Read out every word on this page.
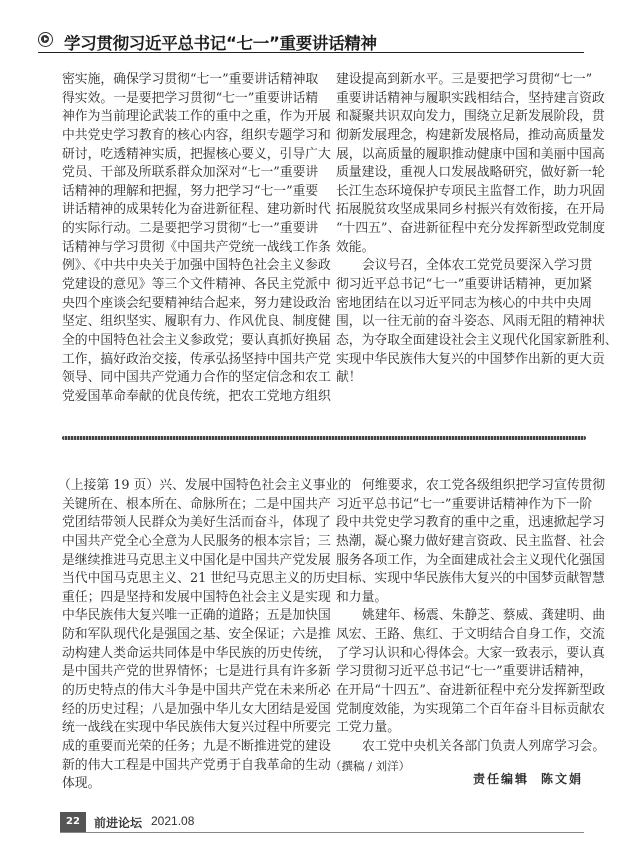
学习贯彻习近平总书记“七一”重要讲话精神
密实施，确保学习贯彻“七一”重要讲话精神取
得实效。一是要把学习贯彻“七一”重要讲话精
神作为当前理论武装工作的重中之重，作为开展
中共党史学习教育的核心内容，组织专题学习和
研讨，吃透精神实质，把握核心要义，引导广大
党员、干部及所联系群众加深对“七一”重要讲
话精神的理解和把握，努力把学习“七一”重要
讲话精神的成果转化为奋进新征程、建功新时代
的实际行动。二是要把学习贯彻“七一”重要讲
话精神与学习贯彻《中国共产党统一战线工作条
例》、《中共中央关于加强中国特色社会主义参政
党建设的意见》等三个文件精神、各民主党派中
央四个座谈会纪要精神结合起来，努力建设政治
坚定、组织坚实、履职有力、作风优良、制度健
全的中国特色社会主义参政党；要认真抓好换届
工作，搞好政治交接，传承弘扬坚持中国共产党
领导、同中国共产党通力合作的坚定信念和农工
党爱国革命奉献的优良传统，把农工党地方组织
建设提高到新水平。三是要把学习贯彻“七一”
重要讲话精神与履职实践相结合，坚持建言资政
和凝聚共识双向发力，围绕立足新发展阶段，贯
彻新发展理念，构建新发展格局，推动高质量发
展，以高质量的履职推动健康中国和美丽中国高
质量建设，重视人口发展战略研究，做好新一轮
长江生态环境保护专项民主监督工作，助力巩固
拓展脱贫攻坚成果同乡村振兴有效衔接，在开局
“十四五”、奋进新征程中充分发挥新型政党制度
效能。
会议号召，全体农工党党员要深入学习贯
彻习近平总书记“七一”重要讲话精神，更加紧
密地团结在以习近平同志为核心的中共中央周
围，以一往无前的奋斗姿态、风雨无阻的精神状
态，为夺取全面建设社会主义现代化国家新胜利、
实现中华民族伟大复兴的中国梦作出新的更大贡
献！
（上接第 19 页）兴、发展中国特色社会主义事业的
关键所在、根本所在、命脉所在；二是中国共产
党团结带领人民群众为美好生活而奋斗，体现了
中国共产党全心全意为人民服务的根本宗旨；三
是继续推进马克思主义中国化是中国共产党发展
当代中国马克思主义、21 世纪马克思主义的历史
重任；四是坚持和发展中国特色社会主义是实现
中华民族伟大复兴唯一正确的道路；五是加快国
防和军队现代化是强国之基、安全保证；六是推
动构建人类命运共同体是中华民族的历史传统，
是中国共产党的世界情怀；七是进行具有许多新
的历史特点的伟大斗争是中国共产党在未来所必
经的历史过程；八是加强中华儿女大团结是爱国
统一战线在实现中华民族伟大复兴过程中所要完
成的重要而光荣的任务；九是不断推进党的建设
新的伟大工程是中国共产党勇于自我革命的生动
体现。
何维要求，农工党各级组织把学习宣传贯彻
习近平总书记“七一”重要讲话精神作为下一阶
段中共党史学习教育的重中之重，迅速掀起学习
热潮，凝心聚力做好建言资政、民主监督、社会
服务各项工作，为全面建成社会主义现代化强国
目标、实现中华民族伟大复兴的中国梦贡献智慧
和力量。
姚建年、杨震、朱静芝、蔡威、龚建明、曲
凤宏、王路、焦红、于文明结合自身工作，交流
了学习认识和心得体会。大家一致表示，要认真
学习贯彻习近平总书记“七一”重要讲话精神，
在开局“十四五”、奋进新征程中充分发挥新型政
党制度效能，为实现第二个百年奋斗目标贡献农
工党力量。
农工党中央机关各部门负责人列席学习会。
（撰稿 / 刘洋）
责任编辑 陈文娟
22	前进论坛 2021.08
